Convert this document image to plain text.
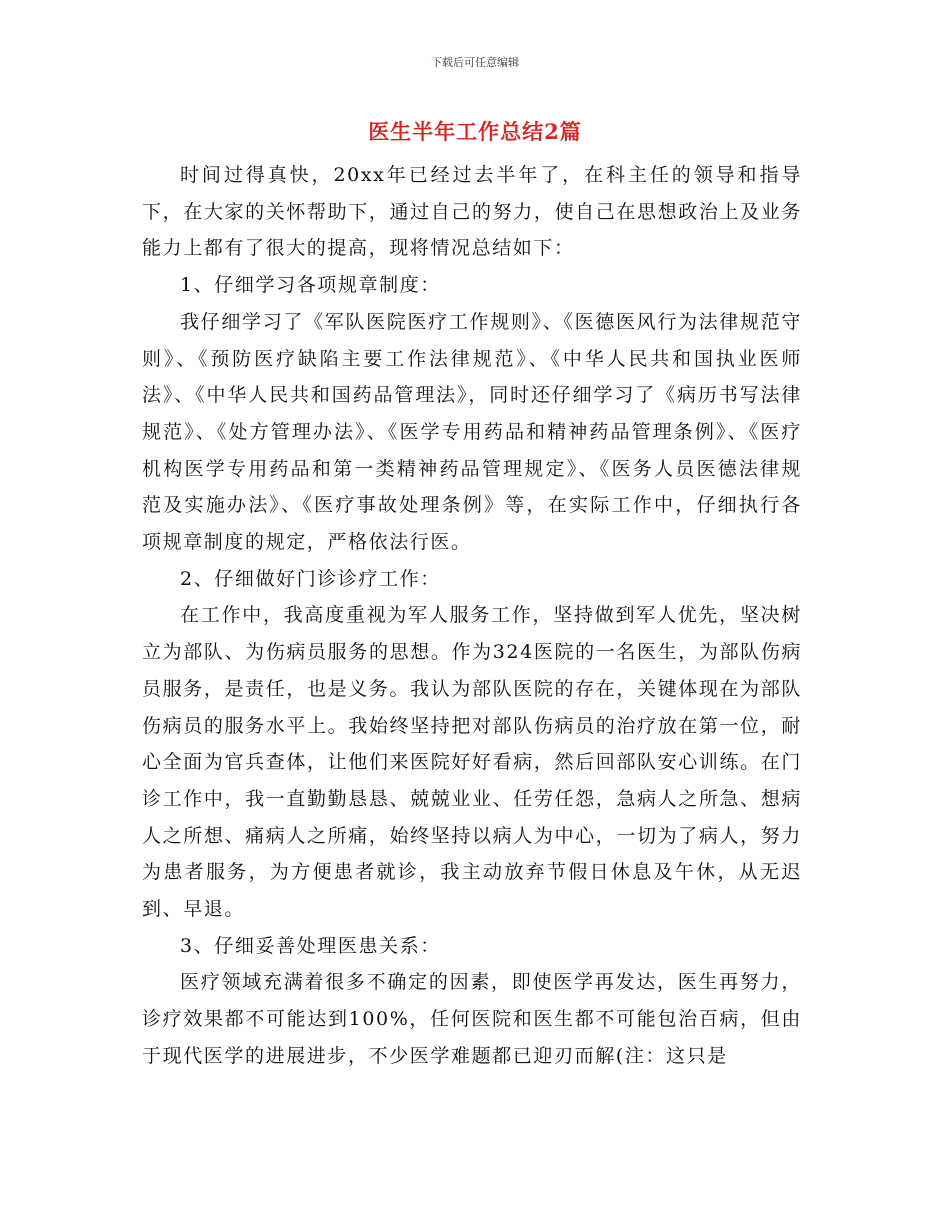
下载后可任意编辑
医生半年工作总结2篇

时间过得真快，20xx年已经过去半年了，在科主任的领导和指导下，在大家的关怀帮助下，通过自己的努力，使自己在思想政治上及业务能力上都有了很大的提高，现将情况总结如下：

1、仔细学习各项规章制度：

我仔细学习了《军队医院医疗工作规则》、《医德医风行为法律规范守则》、《预防医疗缺陷主要工作法律规范》、《中华人民共和国执业医师法》、《中华人民共和国药品管理法》，同时还仔细学习了《病历书写法律规范》、《处方管理办法》、《医学专用药品和精神药品管理条例》、《医疗机构医学专用药品和第一类精神药品管理规定》、《医务人员医德法律规范及实施办法》、《医疗事故处理条例》等，在实际工作中，仔细执行各项规章制度的规定，严格依法行医。

2、仔细做好门诊诊疗工作：

在工作中，我高度重视为军人服务工作，坚持做到军人优先，坚决树立为部队、为伤病员服务的思想。作为324医院的一名医生，为部队伤病员服务，是责任，也是义务。我认为部队医院的存在，关键体现在为部队伤病员的服务水平上。我始终坚持把对部队伤病员的治疗放在第一位，耐心全面为官兵查体，让他们来医院好好看病，然后回部队安心训练。在门诊工作中，我一直勤勤恳恳、兢兢业业、任劳任怨，急病人之所急、想病人之所想、痛病人之所痛，始终坚持以病人为中心，一切为了病人，努力为患者服务，为方便患者就诊，我主动放弃节假日休息及午休，从无迟到、早退。

3、仔细妥善处理医患关系：

医疗领域充满着很多不确定的因素，即使医学再发达，医生再努力，诊疗效果都不可能达到100%，任何医院和医生都不可能包治百病，但由于现代医学的进展进步，不少医学难题都已迎刃而解(注：这只是
